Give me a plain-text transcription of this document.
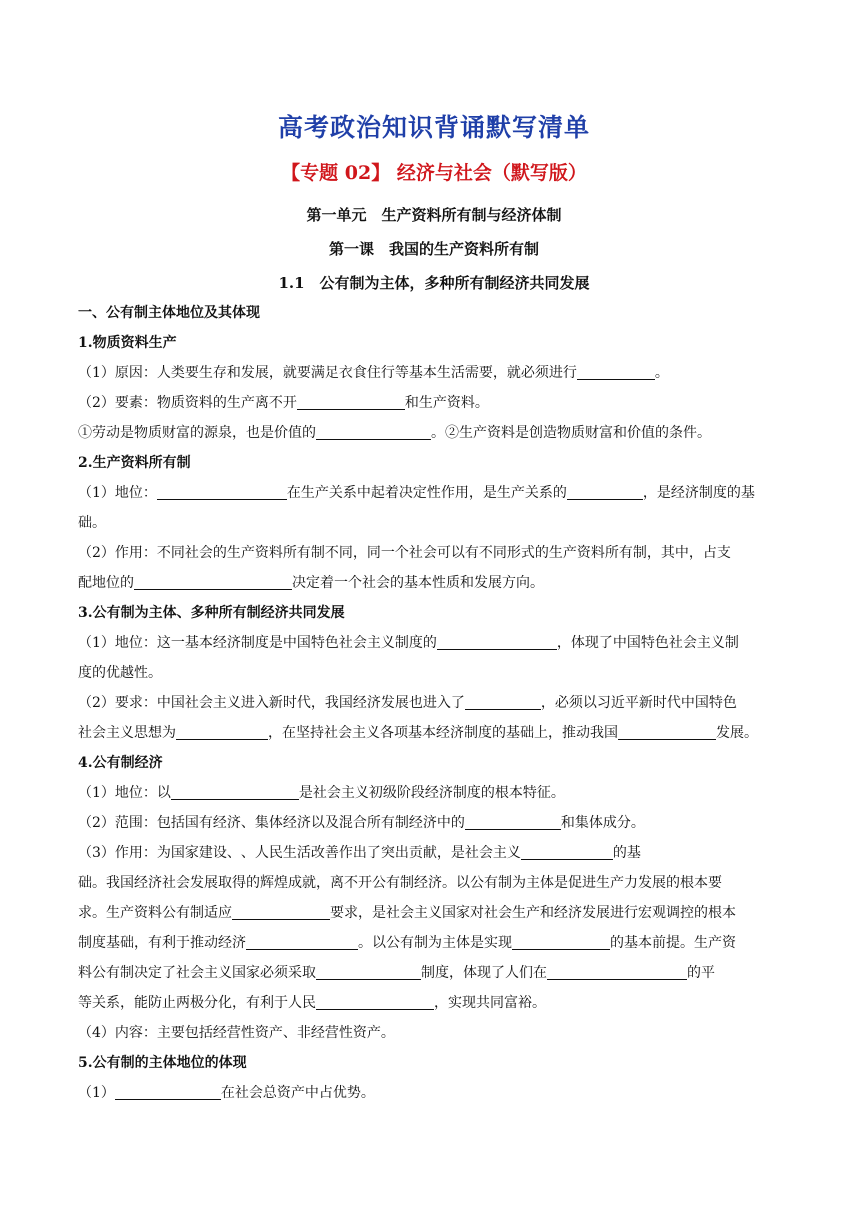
高考政治知识背诵默写清单
【专题 02】 经济与社会（默写版）
第一单元　生产资料所有制与经济体制
第一课　我国的生产资料所有制
1.1　公有制为主体，多种所有制经济共同发展
一、公有制主体地位及其体现
1.物质资料生产
（1）原因：人类要生存和发展，就要满足衣食住行等基本生活需要，就必须进行	。
（2）要素：物质资料的生产离不开	和生产资料。
①劳动是物质财富的源泉，也是价值的	。②生产资料是创造物质财富和价值的条件。
2.生产资料所有制
（1）地位：	在生产关系中起着决定性作用，是生产关系的	，是经济制度的基
础。
（2）作用：不同社会的生产资料所有制不同，同一个社会可以有不同形式的生产资料所有制，其中，占支
配地位的	决定着一个社会的基本性质和发展方向。
3.公有制为主体、多种所有制经济共同发展
（1）地位：这一基本经济制度是中国特色社会主义制度的	，体现了中国特色社会主义制
度的优越性。
（2）要求：中国社会主义进入新时代，我国经济发展也进入了	，必须以习近平新时代中国特色
社会主义思想为	，在坚持社会主义各项基本经济制度的基础上，推动我国	发展。
4.公有制经济
（1）地位：以	是社会主义初级阶段经济制度的根本特征。
（2）范围：包括国有经济、集体经济以及混合所有制经济中的	和集体成分。
（3）作用：为国家建设、、人民生活改善作出了突出贡献，是社会主义	的基
础。我国经济社会发展取得的辉煌成就，离不开公有制经济。以公有制为主体是促进生产力发展的根本要
求。生产资料公有制适应	要求，是社会主义国家对社会生产和经济发展进行宏观调控的根本
制度基础，有利于推动经济	。以公有制为主体是实现	的基本前提。生产资
料公有制决定了社会主义国家必须采取	制度，体现了人们在	的平
等关系，能防止两极分化，有利于人民	，实现共同富裕。
（4）内容：主要包括经营性资产、非经营性资产。
5.公有制的主体地位的体现
（1）	在社会总资产中占优势。
